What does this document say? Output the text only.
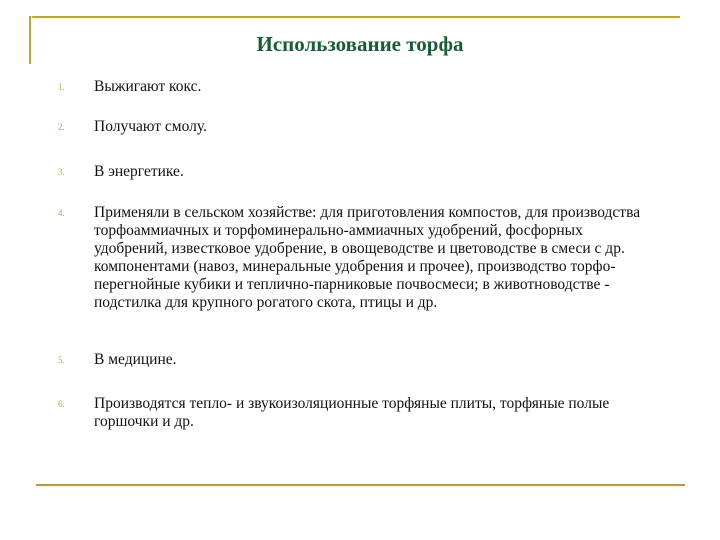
Использование торфа
1. Выжигают кокс.
2. Получают смолу.
3. В энергетике.
4. Применяли в сельском хозяйстве: для приготовления компостов, для производства торфоаммиачных и торфоминерально-аммиачных удобрений, фосфорных удобрений, известковое удобрение, в овощеводстве и цветоводстве в смеси с др. компонентами (навоз, минеральные удобрения и прочее), производство торфо-перегнойные кубики и теплично-парниковые почвосмеси; в животноводстве - подстилка для крупного рогатого скота, птицы и др.
5. В медицине.
6. Производятся тепло- и звукоизоляционные торфяные плиты, торфяные полые горшочки и др.
